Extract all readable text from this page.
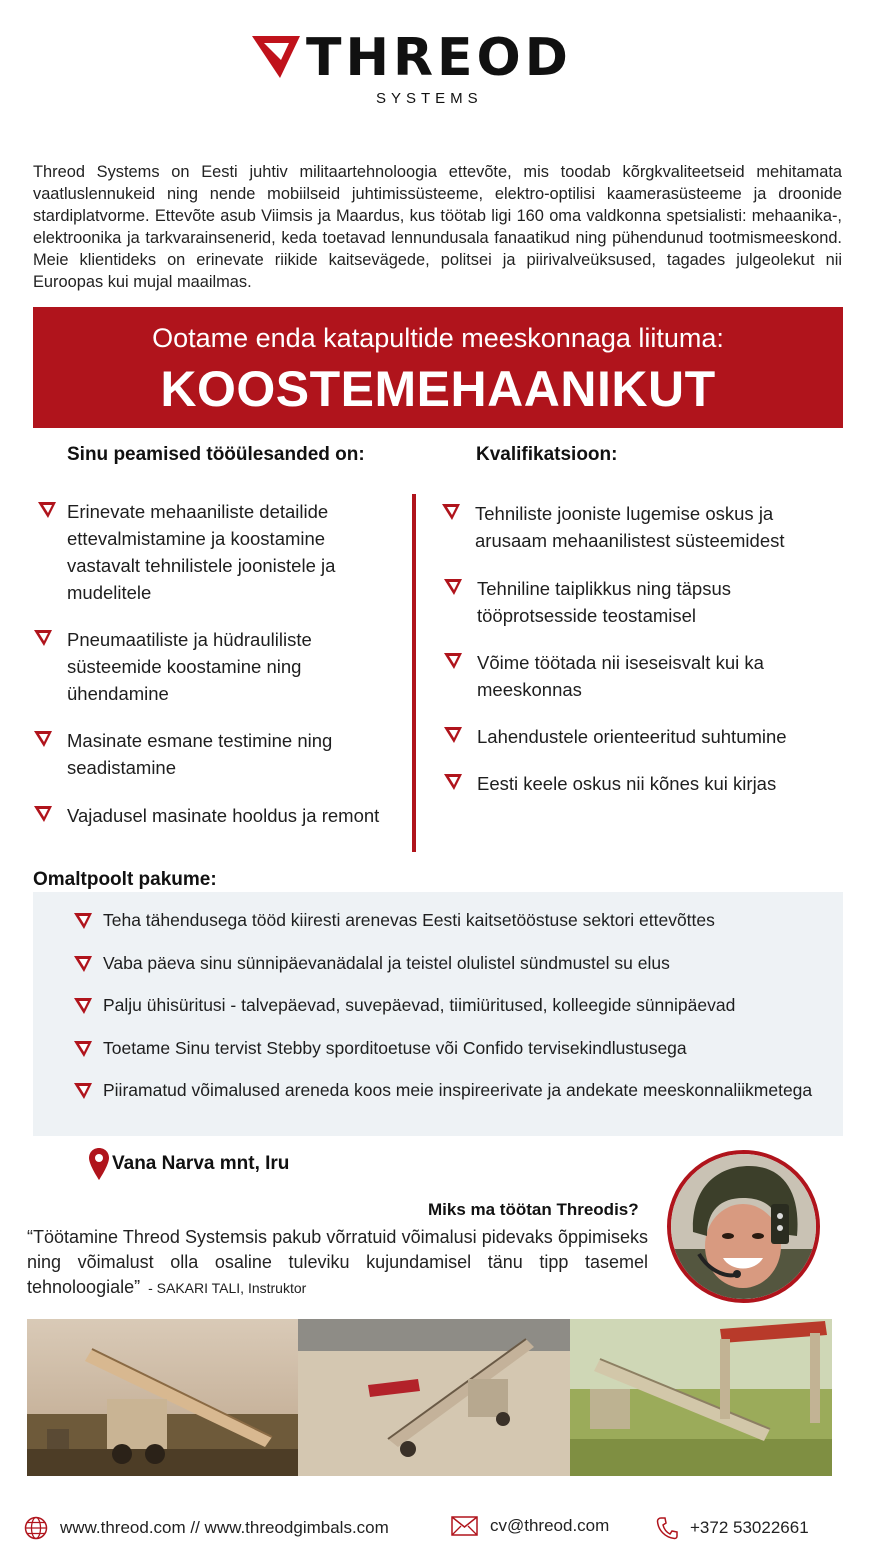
THREOD
SYSTEMS

Threod Systems on Eesti juhtiv militaartehnoloogia ettevõte, mis toodab kõrgkvaliteetseid mehitamata vaatluslennukeid ning nende mobiilseid juhtimissüsteeme, elektro-optilisi kaamerasüsteeme ja droonide stardiplatvorme. Ettevõte asub Viimsis ja Maardus, kus töötab ligi 160 oma valdkonna spetsialisti: mehaanika-, elektroonika ja tarkvarainsenerid, keda toetavad lennundusala fanaatikud ning pühendunud tootmismeeskond. Meie klientideks on erinevate riikide kaitsevägede, politsei ja piirivalveüksused, tagades julgeolekut nii Euroopas kui mujal maailmas.

Ootame enda katapultide meeskonnaga liituma:
KOOSTEMEHAANIKUT
Sinu peamised tööülesanded on:
Erinevate mehaaniliste detailide ettevalmistamine ja koostamine vastavalt tehnilistele joonistele ja mudelitele
Pneumaatiliste ja hüdrauliliste süsteemide koostamine ning ühendamine
Masinate esmane testimine ning seadistamine
Vajadusel masinate hooldus ja remont
Kvalifikatsioon:
Tehniliste jooniste lugemise oskus ja arusaam mehaanilistest süsteemidest
Tehniline taiplikkus ning täpsus tööprotsesside teostamisel
Võime töötada nii iseseisvalt kui ka meeskonnas
Lahendustele orienteeritud suhtumine
Eesti keele oskus nii kõnes kui kirjas
Omaltpoolt pakume:
Teha tähendusega tööd kiiresti arenevas Eesti kaitsetööstuse sektori ettevõttes
Vaba päeva sinu sünnipäevanädalal ja teistel olulistel sündmustel su elus
Palju ühisüritusi - talvepäevad, suvepäevad, tiimiüritused, kolleegide sünnipäevad
Toetame Sinu tervist Stebby sporditoetuse või Confido tervisekindlustusega
Piiramatud võimalused areneda koos meie inspireerivate ja andekate meeskonnaliikmetega
Vana Narva mnt, Iru
Miks ma töötan Threodis?

“Töötamine Threod Systemsis pakub võrratuid võimalusi pidevaks õppimiseks ning võimalust olla osaline tuleviku kujundamisel tänu tipp tasemel tehnoloogiale” - SAKARI TALI, Instruktor

www.threod.com // www.threodgimbals.com	cv@threod.com	+372 53022661
